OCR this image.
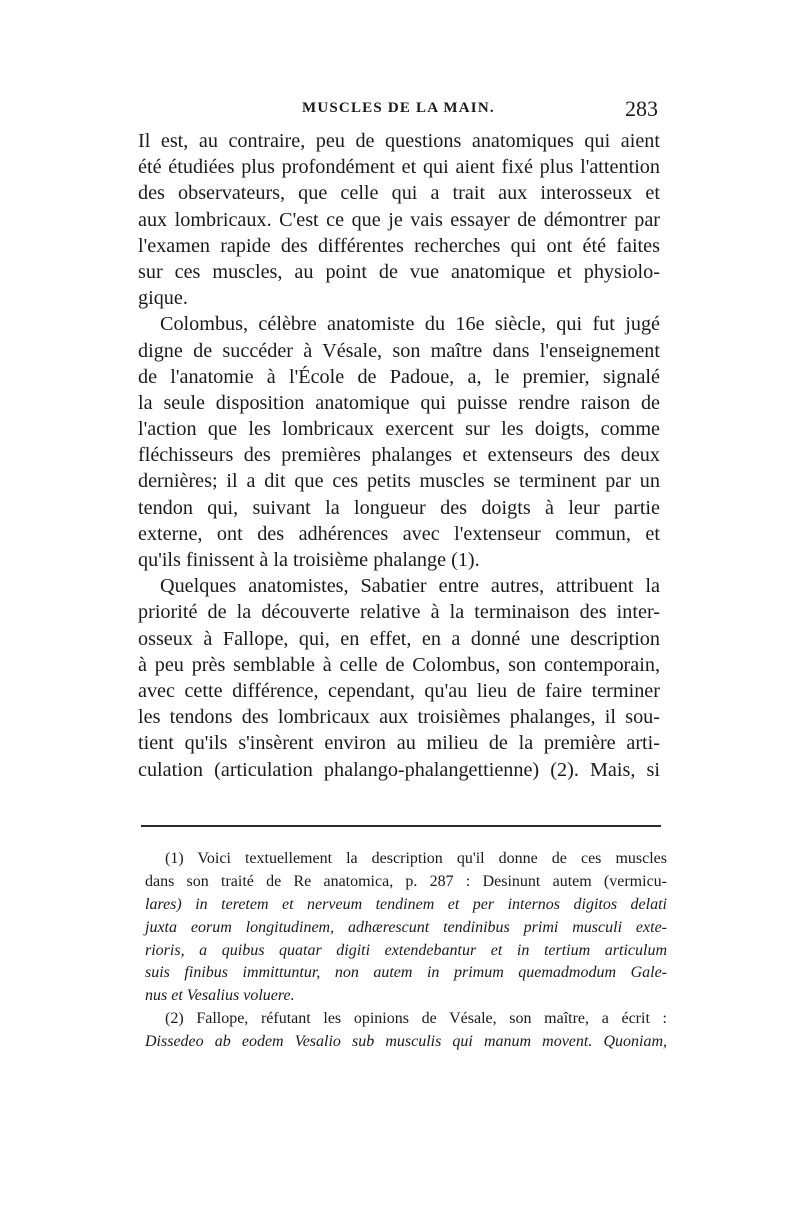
MUSCLES DE LA MAIN.	283
Il est, au contraire, peu de questions anatomiques qui aient
été étudiées plus profondément et qui aient fixé plus l'attention
des observateurs, que celle qui a trait aux interosseux et
aux lombricaux. C'est ce que je vais essayer de démontrer par
l'examen rapide des différentes recherches qui ont été faites
sur ces muscles, au point de vue anatomique et physiolo-
gique.
Colombus, célèbre anatomiste du 16e siècle, qui fut jugé
digne de succéder à Vésale, son maître dans l'enseignement
de l'anatomie à l'École de Padoue, a, le premier, signalé
la seule disposition anatomique qui puisse rendre raison de
l'action que les lombricaux exercent sur les doigts, comme
fléchisseurs des premières phalanges et extenseurs des deux
dernières; il a dit que ces petits muscles se terminent par un
tendon qui, suivant la longueur des doigts à leur partie
externe, ont des adhérences avec l'extenseur commun, et
qu'ils finissent à la troisième phalange (1).
Quelques anatomistes, Sabatier entre autres, attribuent la
priorité de la découverte relative à la terminaison des inter-
osseux à Fallope, qui, en effet, en a donné une description
à peu près semblable à celle de Colombus, son contemporain,
avec cette différence, cependant, qu'au lieu de faire terminer
les tendons des lombricaux aux troisièmes phalanges, il sou-
tient qu'ils s'insèrent environ au milieu de la première arti-
culation (articulation phalango-phalangettienne) (2). Mais, si
(1) Voici textuellement la description qu'il donne de ces muscles
dans son traité de Re anatomica, p. 287 : Desinunt autem (vermicu-
lares) in teretem et nerveum tendinem et per internos digitos delati
juxta eorum longitudinem, adhærescunt tendinibus primi musculi exte-
rioris, a quibus quatar digiti extendebantur et in tertium articulum
suis finibus immittuntur, non autem in primum quemadmodum Gale-
nus et Vesalius voluere.
(2) Fallope, réfutant les opinions de Vésale, son maître, a écrit :
Dissedeo ab eodem Vesalio sub musculis qui manum movent. Quoniam,
